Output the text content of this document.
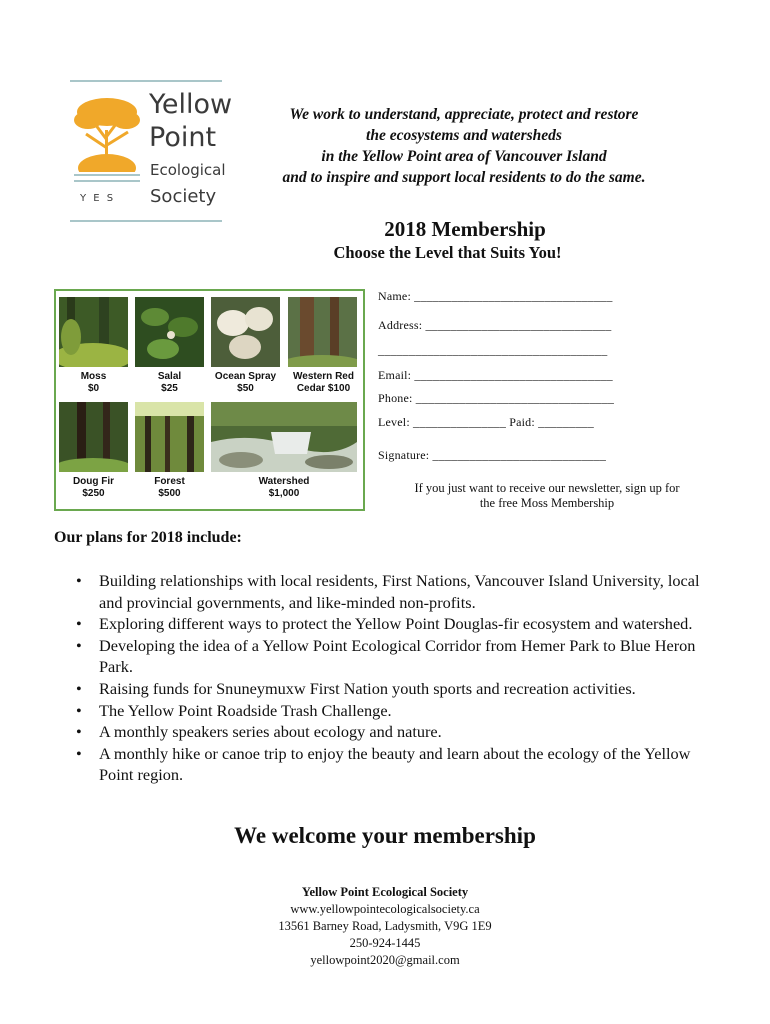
Yellow
Point
Ecological
Society
Y E S
We work to understand, appreciate, protect and restore
the ecosystems and watersheds
in the Yellow Point area of Vancouver Island
and to inspire and support local residents to do the same.
2018 Membership
Choose the Level that Suits You!
Moss
$0
Salal
$25
Ocean Spray
$50
Western Red
Cedar $100
Doug Fir
$250
Forest
$500
Watershed
$1,000
Name: ________________________________
Address: ______________________________
_____________________________________
Email: ________________________________
Phone: ________________________________
Level: _______________ Paid: _________
Signature: ____________________________
If you just want to receive our newsletter, sign up for
the free Moss Membership
Our plans for 2018 include:
• Building relationships with local residents, First Nations, Vancouver Island University, local and provincial governments, and like-minded non-profits.
• Exploring different ways to protect the Yellow Point Douglas-fir ecosystem and watershed.
• Developing the idea of a Yellow Point Ecological Corridor from Hemer Park to Blue Heron Park.
• Raising funds for Snuneymuxw First Nation youth sports and recreation activities.
• The Yellow Point Roadside Trash Challenge.
• A monthly speakers series about ecology and nature.
• A monthly hike or canoe trip to enjoy the beauty and learn about the ecology of the Yellow Point region.
We welcome your membership
Yellow Point Ecological Society
www.yellowpointecologicalsociety.ca
13561 Barney Road, Ladysmith, V9G 1E9
250-924-1445
yellowpoint2020@gmail.com
